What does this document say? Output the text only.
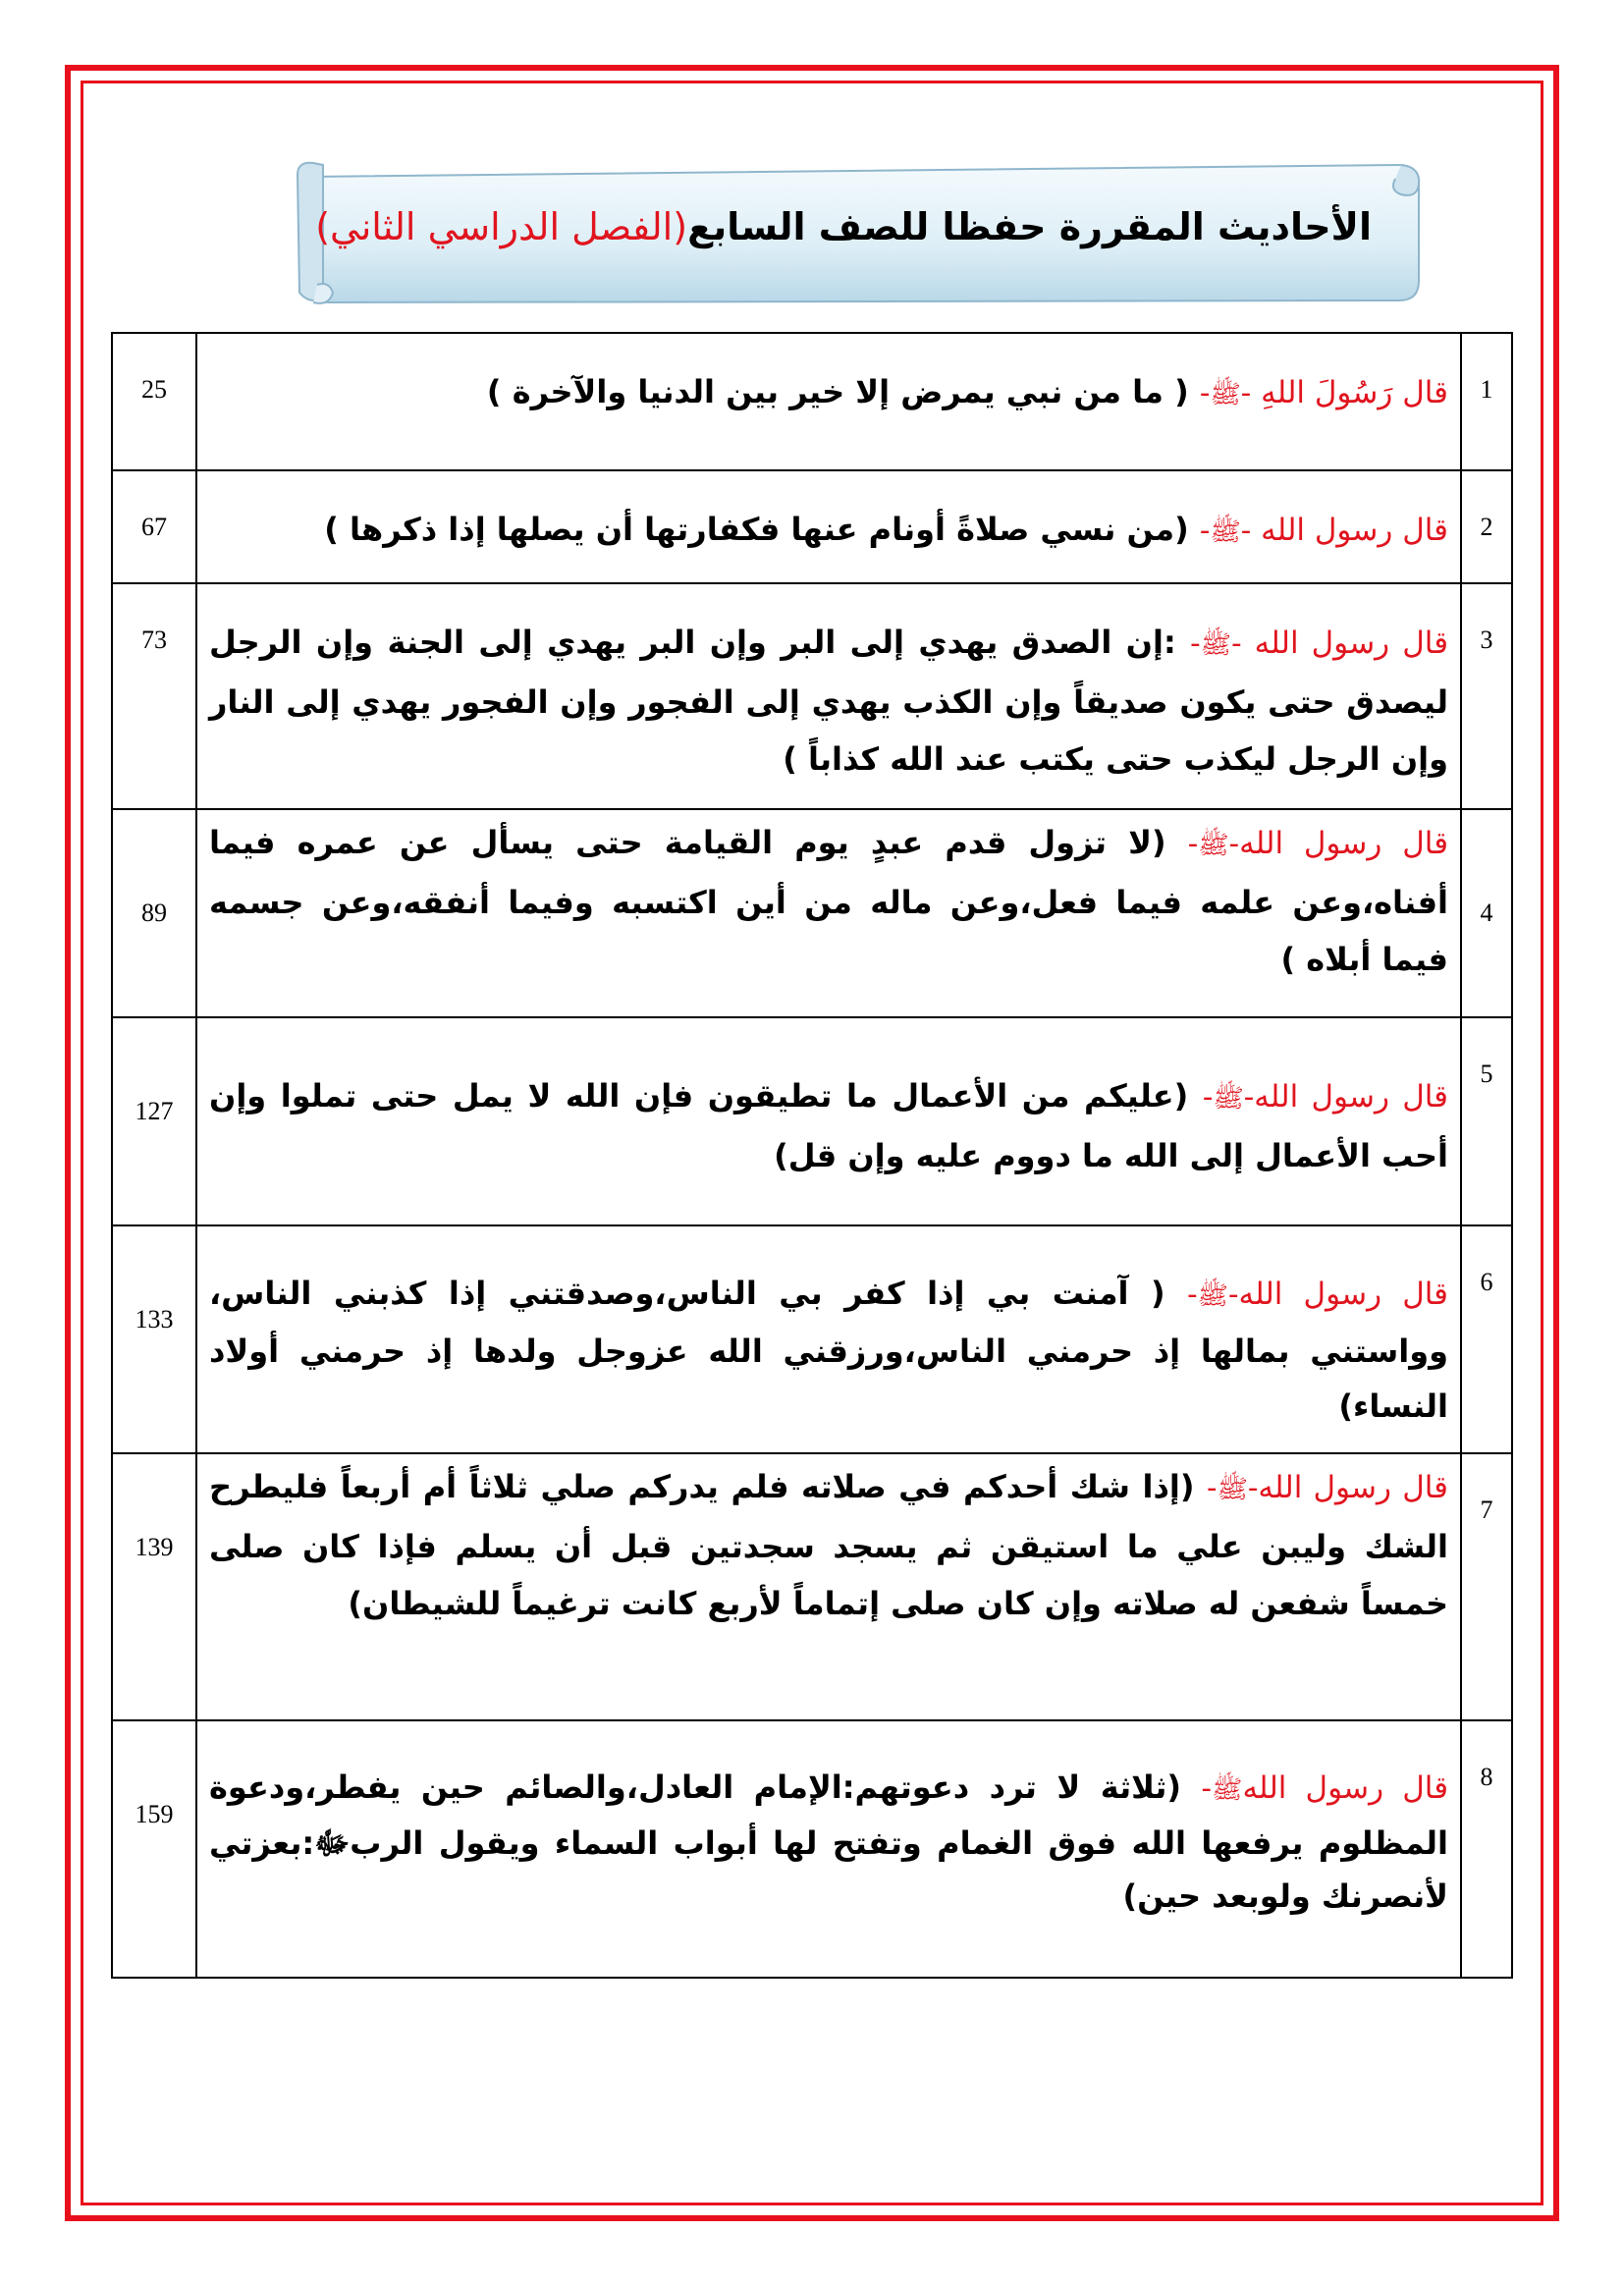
الأحاديث المقررة حفظا للصف السابع(الفصل الدراسي الثاني)
1	قال رَسُولَ اللهِ -ﷺ- ( ما من نبي يمرض إلا خير بين الدنيا والآخرة )	25
2	قال رسول الله -ﷺ- (من نسي صلاةً أونام عنها فكفارتها أن يصلها إذا ذكرها )	67
3	قال رسول الله -ﷺ- :إن الصدق يهدي إلى البر وإن البر يهدي إلى الجنة وإن الرجل ليصدق حتى يكون صديقاً وإن الكذب يهدي إلى الفجور وإن الفجور يهدي إلى النار وإن الرجل ليكذب حتى يكتب عند الله كذاباً )	73
4	قال رسول الله-ﷺ- (لا تزول قدم عبدٍ يوم القيامة حتى يسأل عن عمره فيما أفناه،وعن علمه فيما فعل،وعن ماله من أين اكتسبه وفيما أنفقه،وعن جسمه فيما أبلاه )	89
5	قال رسول الله-ﷺ- (عليكم من الأعمال ما تطيقون فإن الله لا يمل حتى تملوا وإن أحب الأعمال إلى الله ما دووم عليه وإن قل)	127
6	قال رسول الله-ﷺ- ( آمنت بي إذا كفر بي الناس،وصدقتني إذا كذبني الناس، وواستني بمالها إذ حرمني الناس،ورزقني الله عزوجل ولدها إذ حرمني أولاد النساء)	133
7	قال رسول الله-ﷺ- (إذا شك أحدكم في صلاته فلم يدركم صلي ثلاثاً أم أربعاً فليطرح الشك وليبن علي ما استيقن ثم يسجد سجدتين قبل أن يسلم فإذا كان صلى خمساً شفعن له صلاته وإن كان صلى إتماماً لأربع كانت ترغيماً للشيطان)	139
8	قال رسول اللهﷺ- (ثلاثة لا ترد دعوتهم:الإمام العادل،والصائم حين يفطر،ودعوة المظلوم يرفعها الله فوق الغمام وتفتح لها أبواب السماء ويقول الربﷻ:بعزتي لأنصرنك ولوبعد حين)	159
